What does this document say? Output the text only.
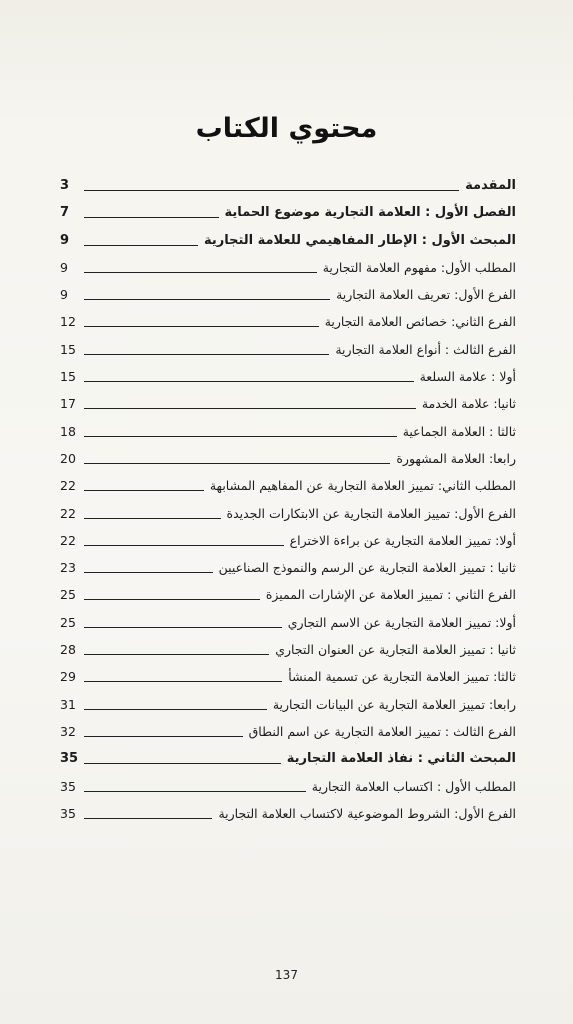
محتوي الكتاب
المقدمة
3
الفصل الأول : العلامة التجارية موضوع الحماية
7
المبحث الأول : الإطار المفاهيمي للعلامة التجارية
9
المطلب الأول: مفهوم العلامة التجارية
9
الفرع الأول: تعريف العلامة التجارية
9
الفرع الثاني: خصائص العلامة التجارية
12
الفرع الثالث : أنواع العلامة التجارية
15
أولا : علامة السلعة
15
ثانيا: علامة الخدمة
17
ثالثا : العلامة الجماعية
18
رابعا: العلامة المشهورة
20
المطلب الثاني: تمييز العلامة التجارية عن المفاهيم المشابهة
22
الفرع الأول: تمييز العلامة التجارية عن الابتكارات الجديدة
22
أولا: تمييز العلامة التجارية عن براءة الاختراع
22
ثانيا : تمييز العلامة التجارية عن الرسم والنموذج الصناعيين
23
الفرع الثاني : تمييز العلامة عن الإشارات المميزة
25
أولا: تمييز العلامة التجارية عن الاسم التجاري
25
ثانيا : تمييز العلامة التجارية عن العنوان التجاري
28
ثالثا: تمييز العلامة التجارية عن تسمية المنشأ
29
رابعا: تمييز العلامة التجارية عن البيانات التجارية
31
الفرع الثالث : تمييز العلامة التجارية عن اسم النطاق
32
المبحث الثاني : نفاذ العلامة التجارية
35
المطلب الأول : اكتساب العلامة التجارية
35
الفرع الأول: الشروط الموضوعية لاكتساب العلامة التجارية
35
137
